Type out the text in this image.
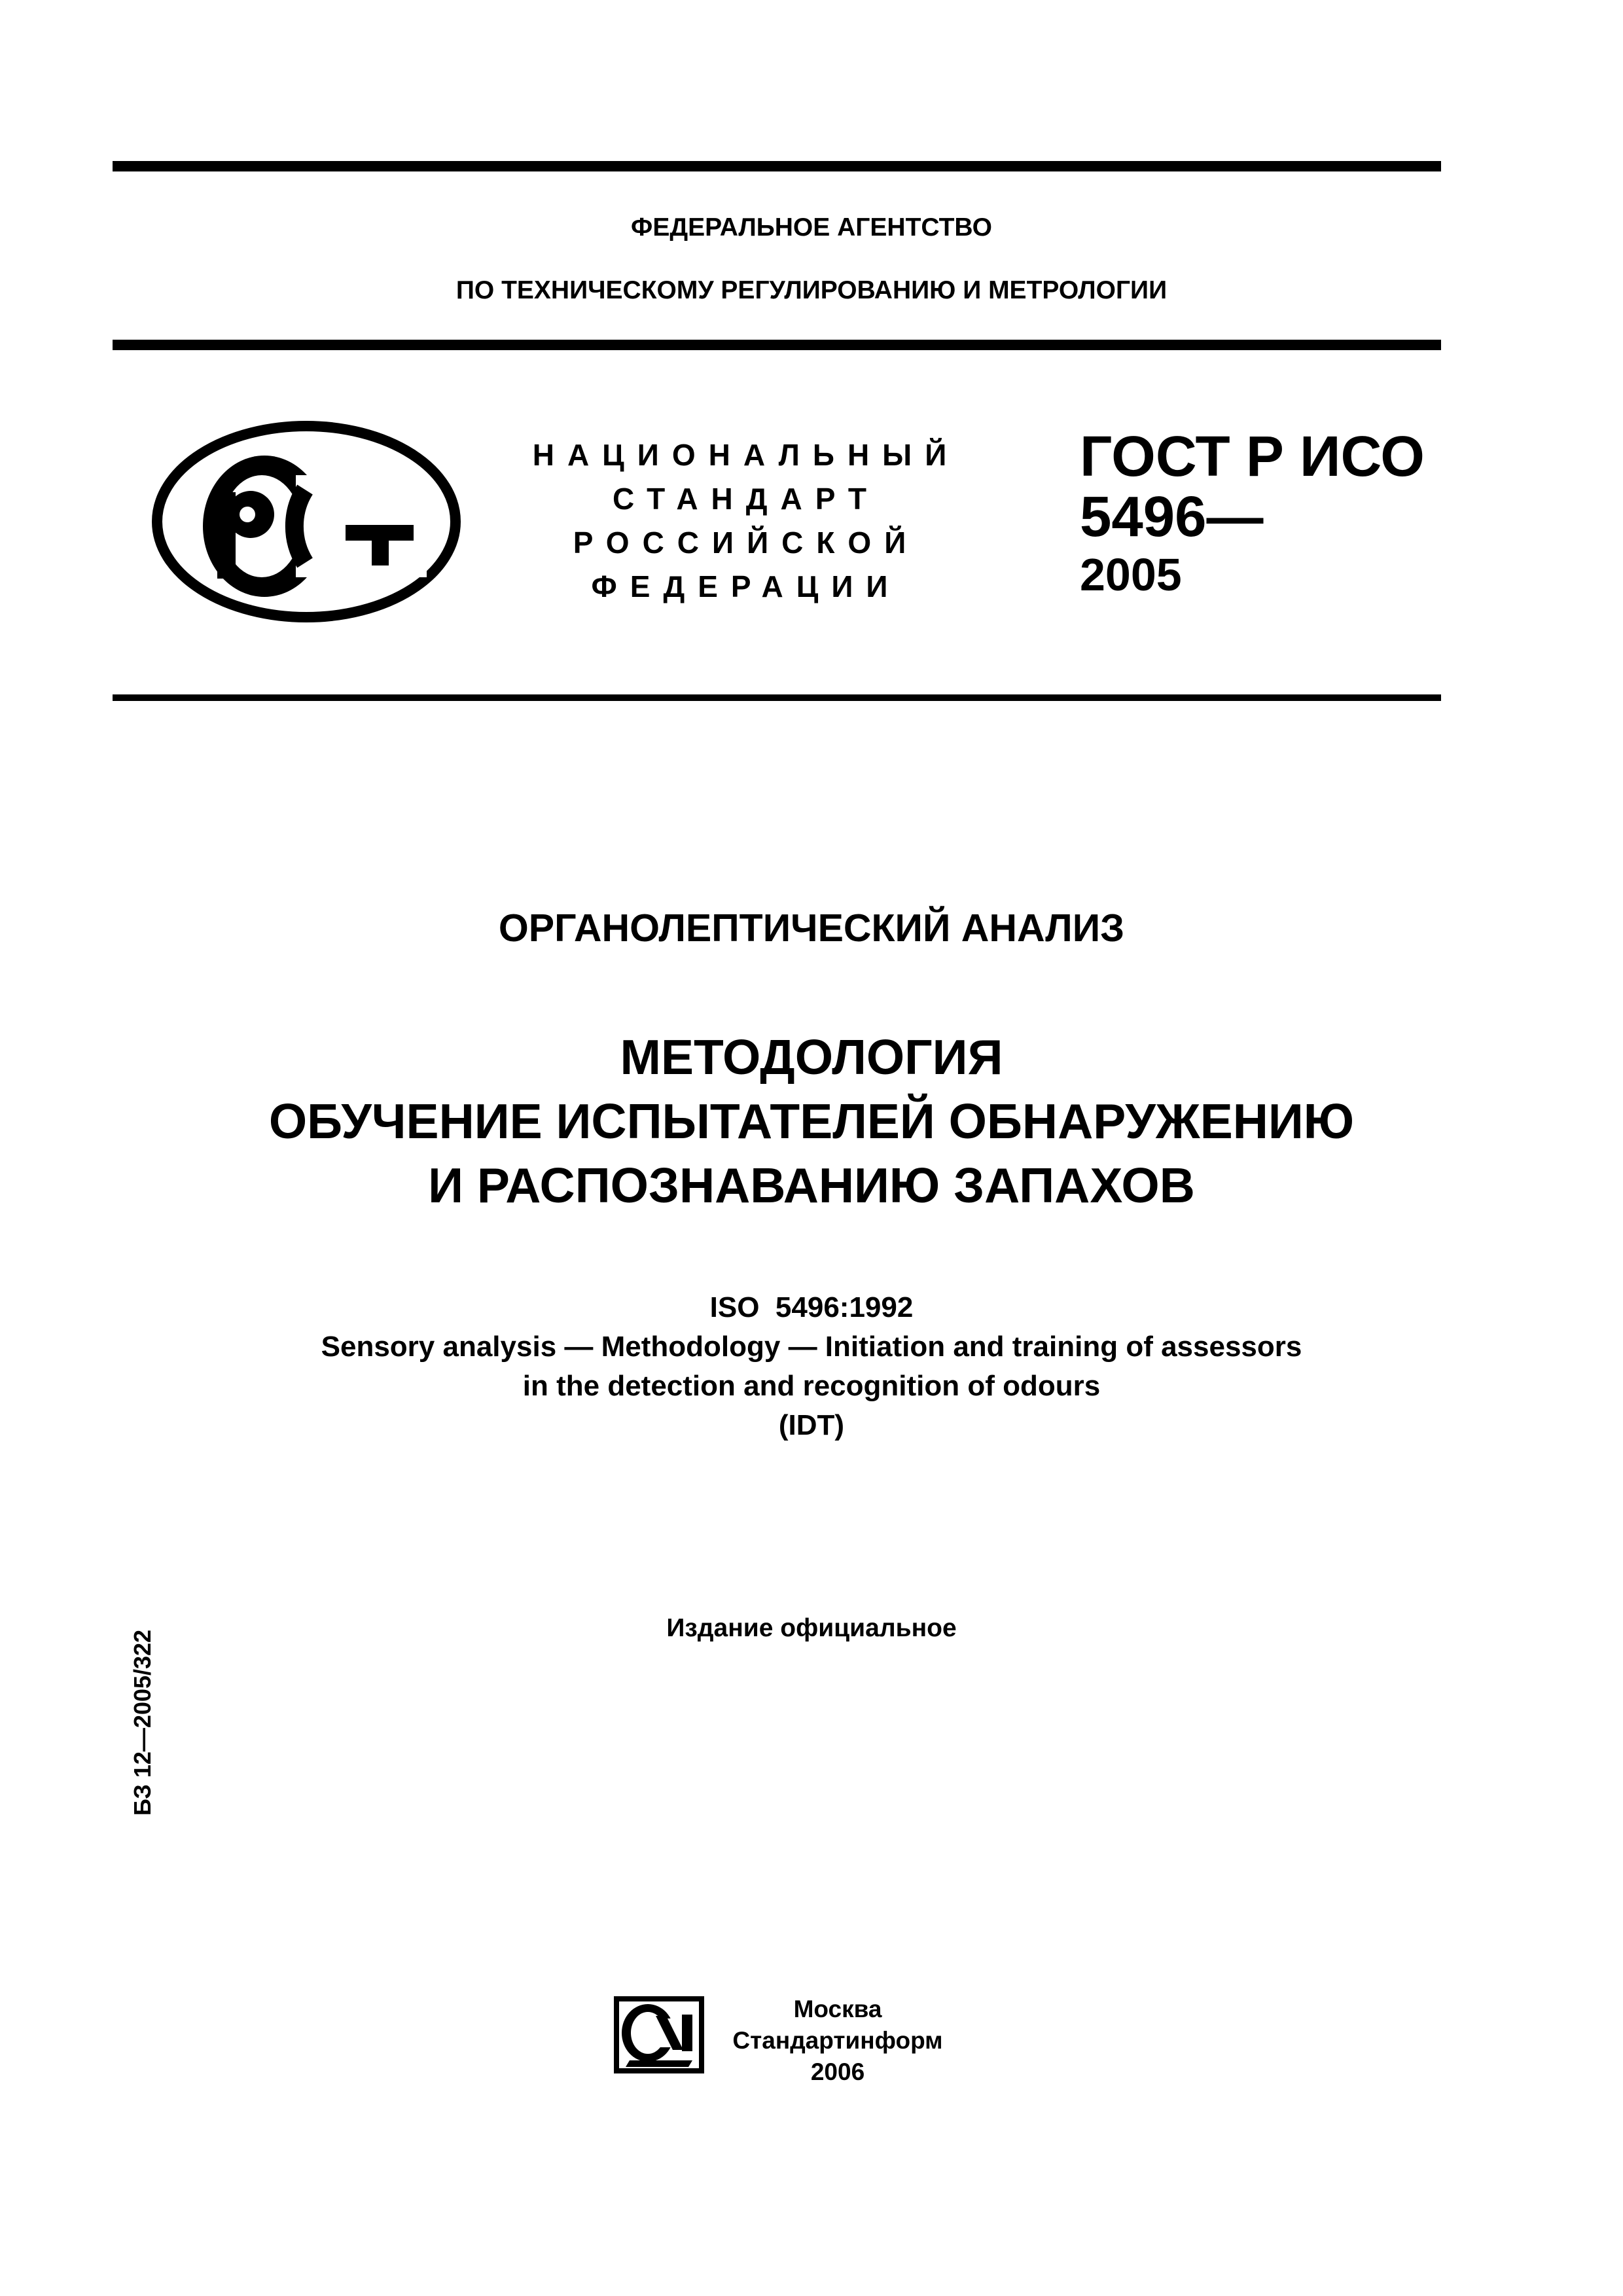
ФЕДЕРАЛЬНОЕ АГЕНТСТВО
ПО ТЕХНИЧЕСКОМУ РЕГУЛИРОВАНИЮ И МЕТРОЛОГИИ
НАЦИОНАЛЬНЫЙ
СТАНДАРТ
РОССИЙСКОЙ
ФЕДЕРАЦИИ
ГОСТ Р ИСО
5496—
2005
ОРГАНОЛЕПТИЧЕСКИЙ АНАЛИЗ
МЕТОДОЛОГИЯ
ОБУЧЕНИЕ ИСПЫТАТЕЛЕЙ ОБНАРУЖЕНИЮ
И РАСПОЗНАВАНИЮ ЗАПАХОВ
ISO  5496:1992
Sensory analysis — Methodology — Initiation and training of assessors
in the detection and recognition of odours
(IDT)
Издание официальное
БЗ 12—2005/322
Москва
Стандартинформ
2006
